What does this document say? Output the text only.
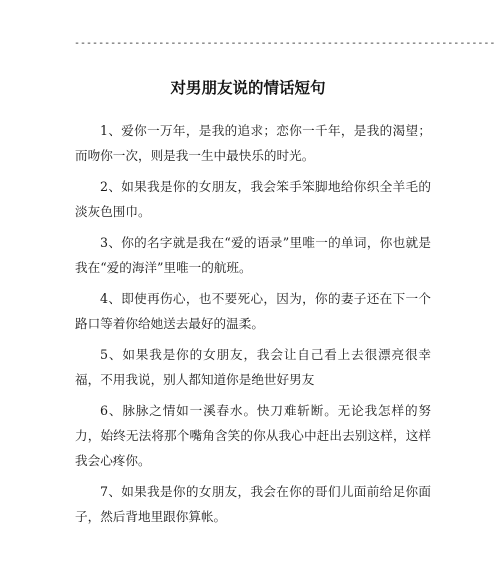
----------------------------------------------------------------------
对男朋友说的情话短句

1、爱你一万年，是我的追求；恋你一千年，是我的渴望；而吻你一次，则是我一生中最快乐的时光。

2、如果我是你的女朋友，我会笨手笨脚地给你织全羊毛的淡灰色围巾。

3、你的名字就是我在“爱的语录”里唯一的单词，你也就是我在“爱的海洋”里唯一的航班。

4、即使再伤心，也不要死心，因为，你的妻子还在下一个路口等着你给她送去最好的温柔。

5、如果我是你的女朋友，我会让自己看上去很漂亮很幸福，不用我说，别人都知道你是绝世好男友

6、脉脉之情如一溪春水。快刀难斩断。无论我怎样的努力，始终无法将那个嘴角含笑的你从我心中赶出去别这样，这样我会心疼你。

7、如果我是你的女朋友，我会在你的哥们儿面前给足你面子，然后背地里跟你算帐。
